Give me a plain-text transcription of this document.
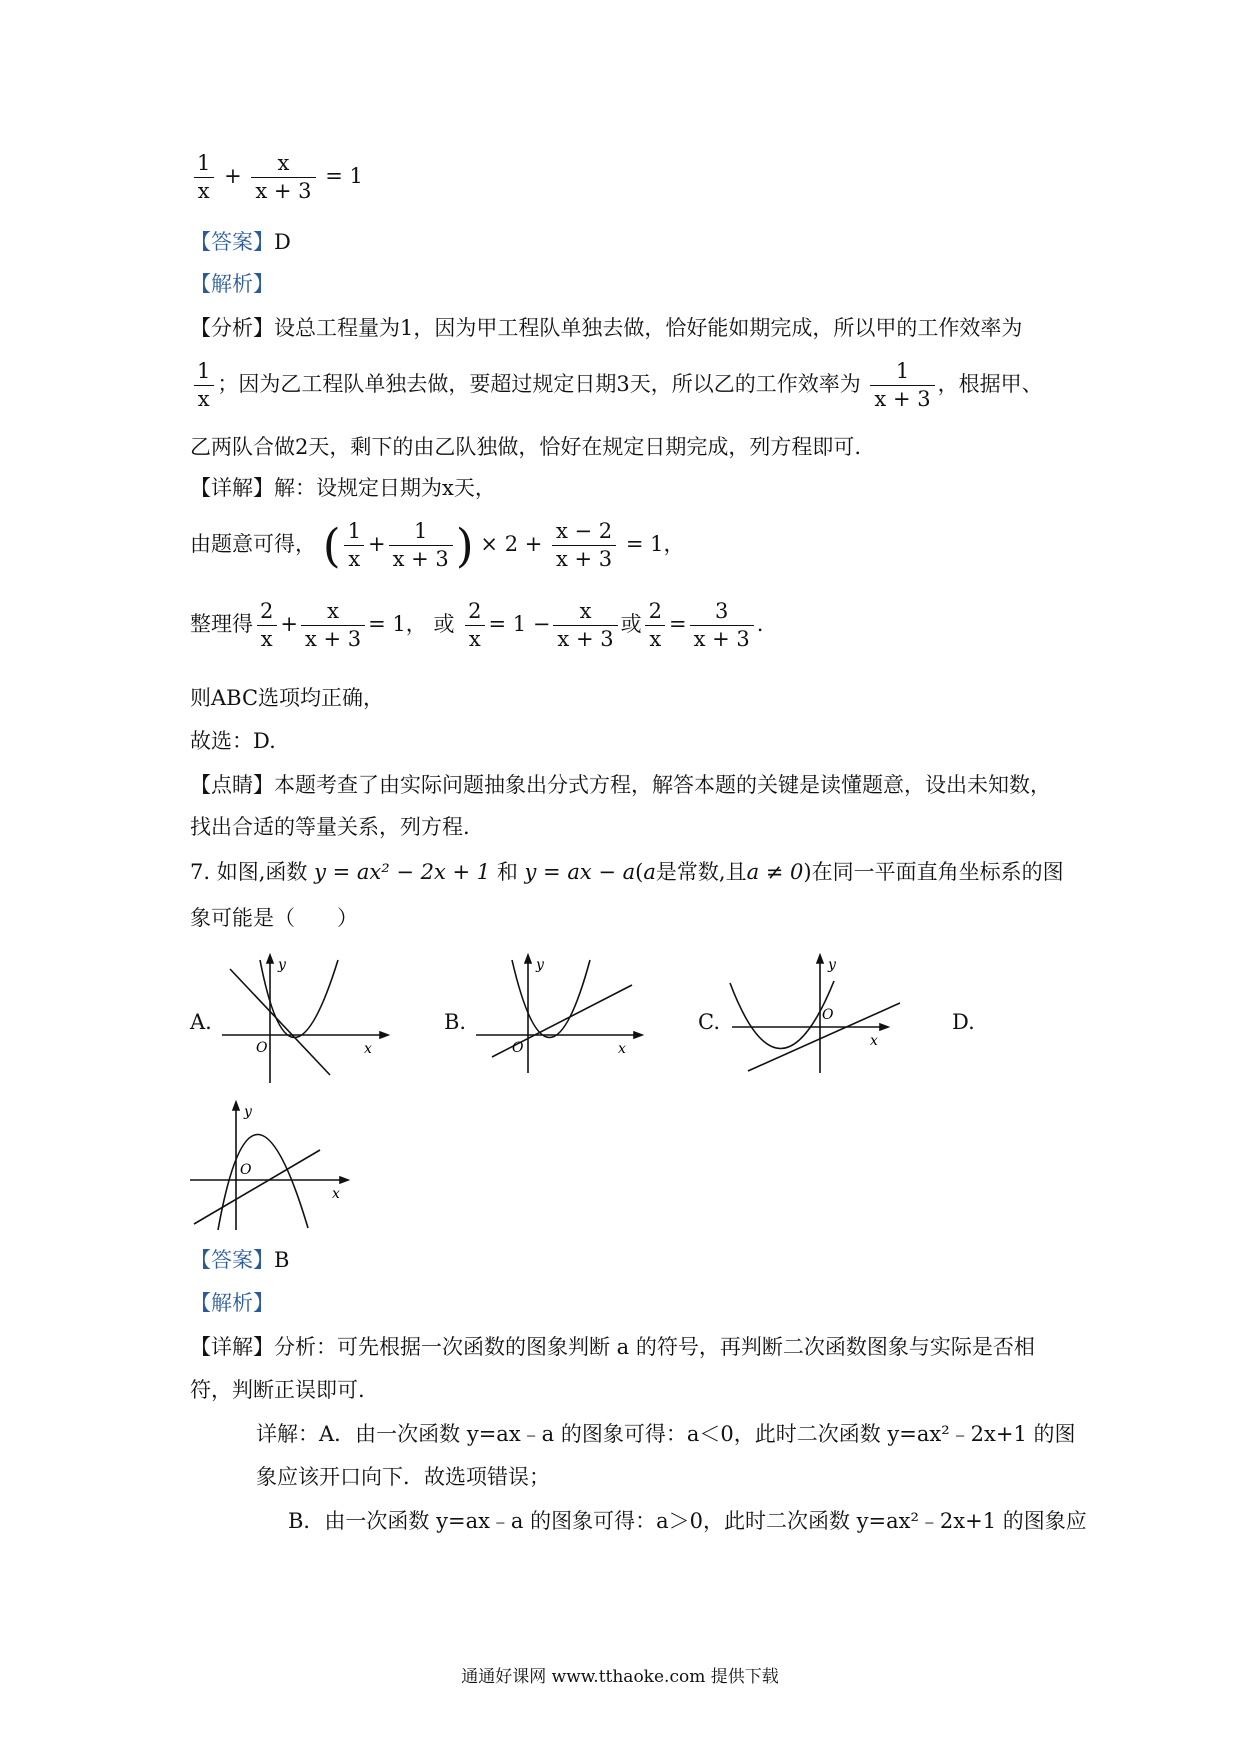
$\frac{1}{x} + \frac{x}{x + 3} = 1$
【答案】D
【解析】
【分析】设总工程量为1，因为甲工程队单独去做，恰好能如期完成，所以甲的工作效率为
$\frac{1}{x}$ ；因为乙工程队单独去做，要超过规定日期3天，所以乙的工作效率为 $\frac{1}{x + 3}$ ，根据甲、
乙两队合做2天，剩下的由乙队独做，恰好在规定日期完成，列方程即可.
【详解】解：设规定日期为x天，
由题意可得， ( $\frac{1}{x} + \frac{1}{x + 3}$ ) × $2 + \frac{x - 2}{x + 3} = 1$，
整理得 $\frac{2}{x} + \frac{x}{x + 3} = 1$， 或 $\frac{2}{x} = 1 - \frac{x}{x + 3}$ 或 $\frac{2}{x} = \frac{3}{x + 3}$ .
则ABC选项均正确，
故选：D.
【点睛】本题考查了由实际问题抽象出分式方程，解答本题的关键是读懂题意，设出未知数，
找出合适的等量关系，列方程.
7. 如图,函数 y = ax² − 2x + 1 和 y = ax − a(a是常数,且a ≠ 0)在同一平面直角坐标系的图
象可能是（　　）
A.	B.	C.	D.
y
x
O
y
x
O
y
x
O
y
x
O
【答案】B
【解析】
【详解】分析：可先根据一次函数的图象判断 a 的符号，再判断二次函数图象与实际是否相
符，判断正误即可.
详解：A．由一次函数 y=ax﹣a 的图象可得：a＜0，此时二次函数 y=ax²﹣2x+1 的图
象应该开口向下．故选项错误；
B．由一次函数 y=ax﹣a 的图象可得：a＞0，此时二次函数 y=ax²﹣2x+1 的图象应
通通好课网 www.tthaoke.com 提供下载
